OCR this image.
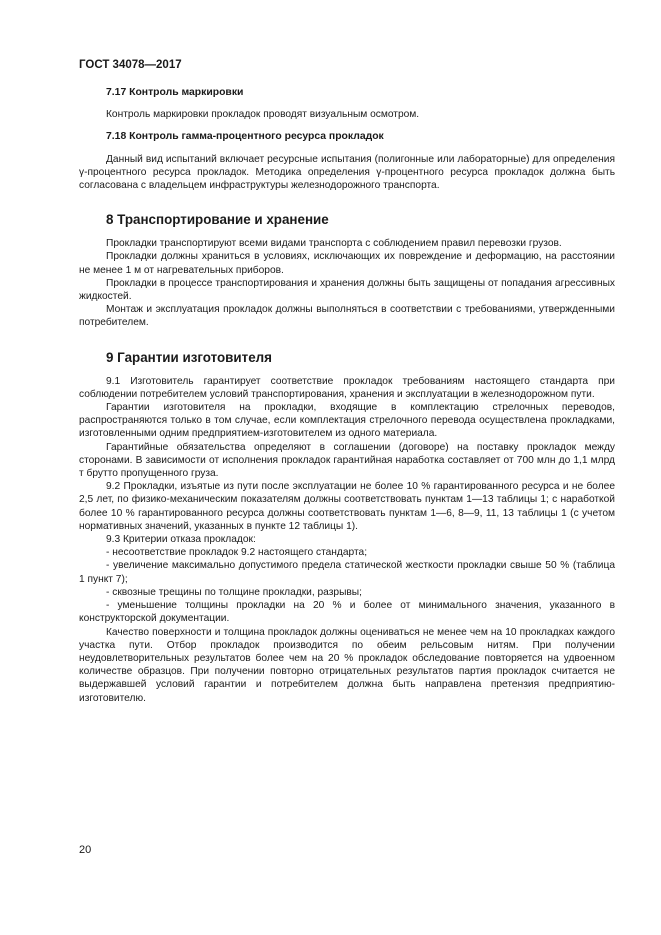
ГОСТ 34078—2017
7.17 Контроль маркировки

Контроль маркировки прокладок проводят визуальным осмотром.

7.18 Контроль гамма-процентного ресурса прокладок

Данный вид испытаний включает ресурсные испытания (полигонные или лабораторные) для определения γ-процентного ресурса прокладок. Методика определения γ-процентного ресурса прокладок должна быть согласована с владельцем инфраструктуры железнодорожного транспорта.

8 Транспортирование и хранение

Прокладки транспортируют всеми видами транспорта с соблюдением правил перевозки грузов.

Прокладки должны храниться в условиях, исключающих их повреждение и деформацию, на расстоянии не менее 1 м от нагревательных приборов.

Прокладки в процессе транспортирования и хранения должны быть защищены от попадания агрессивных жидкостей.

Монтаж и эксплуатация прокладок должны выполняться в соответствии с требованиями, утвержденными потребителем.

9 Гарантии изготовителя

9.1 Изготовитель гарантирует соответствие прокладок требованиям настоящего стандарта при соблюдении потребителем условий транспортирования, хранения и эксплуатации в железнодорожном пути.

Гарантии изготовителя на прокладки, входящие в комплектацию стрелочных переводов, распространяются только в том случае, если комплектация стрелочного перевода осуществлена прокладками, изготовленными одним предприятием-изготовителем из одного материала.

Гарантийные обязательства определяют в соглашении (договоре) на поставку прокладок между сторонами. В зависимости от исполнения прокладок гарантийная наработка составляет от 700 млн до 1,1 млрд т брутто пропущенного груза.

9.2 Прокладки, изъятые из пути после эксплуатации не более 10 % гарантированного ресурса и не более 2,5 лет, по физико-механическим показателям должны соответствовать пунктам 1—13 таблицы 1; с наработкой более 10 % гарантированного ресурса должны соответствовать пунктам 1—6, 8—9, 11, 13 таблицы 1 (с учетом нормативных значений, указанных в пункте 12 таблицы 1).

9.3 Критерии отказа прокладок:

- несоответствие прокладок 9.2 настоящего стандарта;

- увеличение максимально допустимого предела статической жесткости прокладки свыше 50 % (таблица 1 пункт 7);

- сквозные трещины по толщине прокладки, разрывы;

- уменьшение толщины прокладки на 20 % и более от минимального значения, указанного в конструкторской документации.

Качество поверхности и толщина прокладок должны оцениваться не менее чем на 10 прокладках каждого участка пути. Отбор прокладок производится по обеим рельсовым нитям. При получении неудовлетворительных результатов более чем на 20 % прокладок обследование повторяется на удвоенном количестве образцов. При получении повторно отрицательных результатов партия прокладок считается не выдержавшей условий гарантии и потребителем должна быть направлена претензия предприятию-изготовителю.

20
